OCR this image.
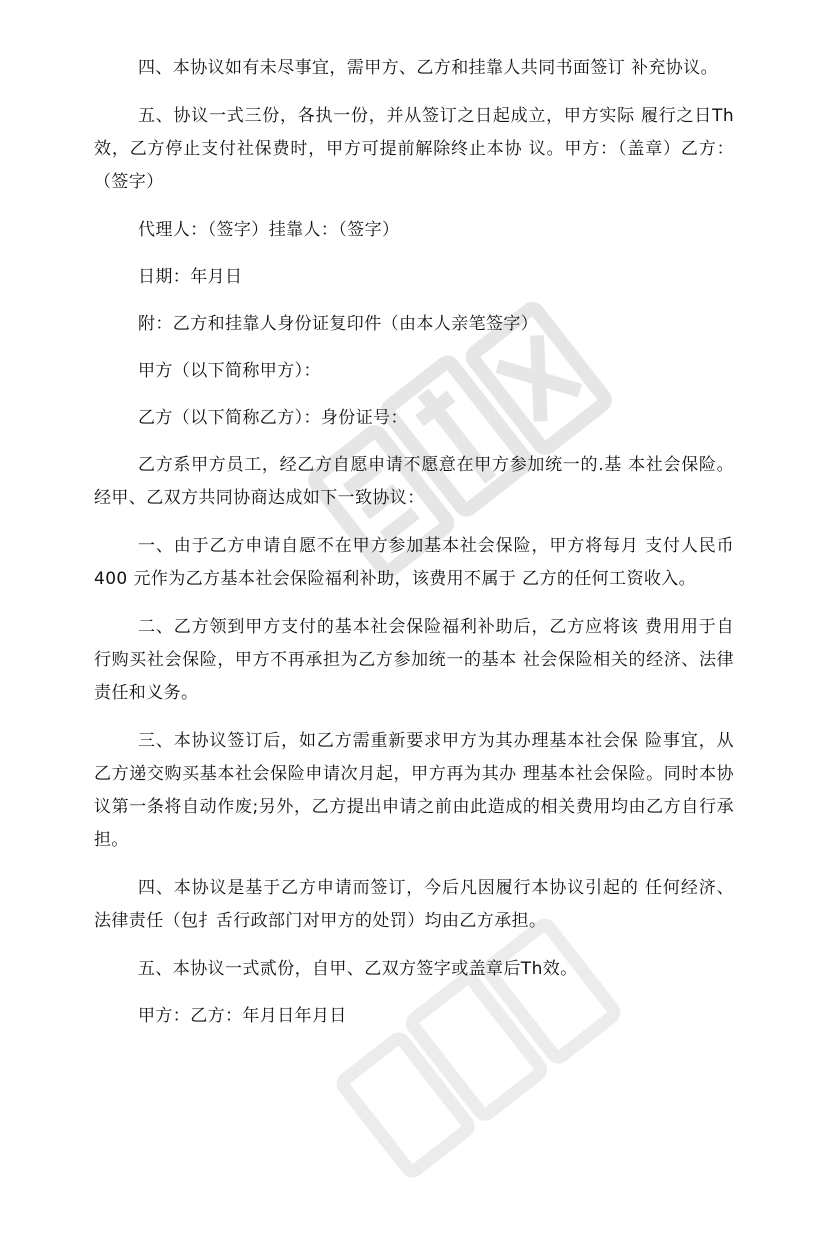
四、本协议如有未尽事宜，需甲方、乙方和挂靠人共同书面签订 补充协议。

五、协议一式三份，各执一份，并从签订之日起成立，甲方实际 履行之日Th效，乙方停止支付社保费时，甲方可提前解除终止本协 议。甲方：（盖章）乙方：（签字）

代理人：（签字）挂靠人：（签字）

日期：年月日

附：乙方和挂靠人身份证复印件（由本人亲笔签字）

甲方（以下简称甲方）：

乙方（以下简称乙方）：身份证号：

乙方系甲方员工，经乙方自愿申请不愿意在甲方参加统一的.基 本社会保险。经甲、乙双方共同协商达成如下一致协议：

一、由于乙方申请自愿不在甲方参加基本社会保险，甲方将每月 支付人民币 400 元作为乙方基本社会保险福利补助，该费用不属于 乙方的任何工资收入。

二、乙方领到甲方支付的基本社会保险福利补助后，乙方应将该 费用用于自行购买社会保险，甲方不再承担为乙方参加统一的基本 社会保险相关的经济、法律责任和义务。

三、本协议签订后，如乙方需重新要求甲方为其办理基本社会保 险事宜，从乙方递交购买基本社会保险申请次月起，甲方再为其办 理基本社会保险。同时本协议第一条将自动作废;另外，乙方提出申请之前由此造成的相关费用均由乙方自行承担。

四、本协议是基于乙方申请而签订，今后凡因履行本协议引起的 任何经济、法律责任（包扌舌行政部门对甲方的处罚）均由乙方承担。

五、本协议一式贰份，自甲、乙双方签字或盖章后Th效。

甲方：乙方：年月日年月日
